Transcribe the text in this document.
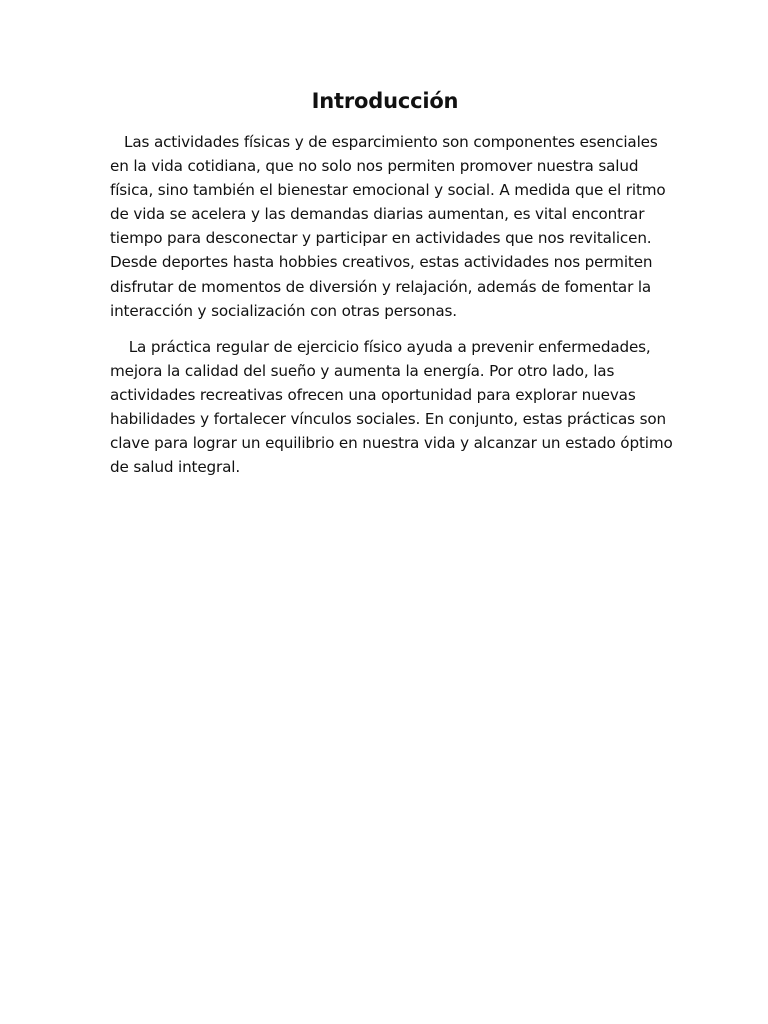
Introducción

Las actividades físicas y de esparcimiento son componentes esenciales
en la vida cotidiana, que no solo nos permiten promover nuestra salud
física, sino también el bienestar emocional y social. A medida que el ritmo
de vida se acelera y las demandas diarias aumentan, es vital encontrar
tiempo para desconectar y participar en actividades que nos revitalicen.
Desde deportes hasta hobbies creativos, estas actividades nos permiten
disfrutar de momentos de diversión y relajación, además de fomentar la
interacción y socialización con otras personas.

La práctica regular de ejercicio físico ayuda a prevenir enfermedades,
mejora la calidad del sueño y aumenta la energía. Por otro lado, las
actividades recreativas ofrecen una oportunidad para explorar nuevas
habilidades y fortalecer vínculos sociales. En conjunto, estas prácticas son
clave para lograr un equilibrio en nuestra vida y alcanzar un estado óptimo
de salud integral.
